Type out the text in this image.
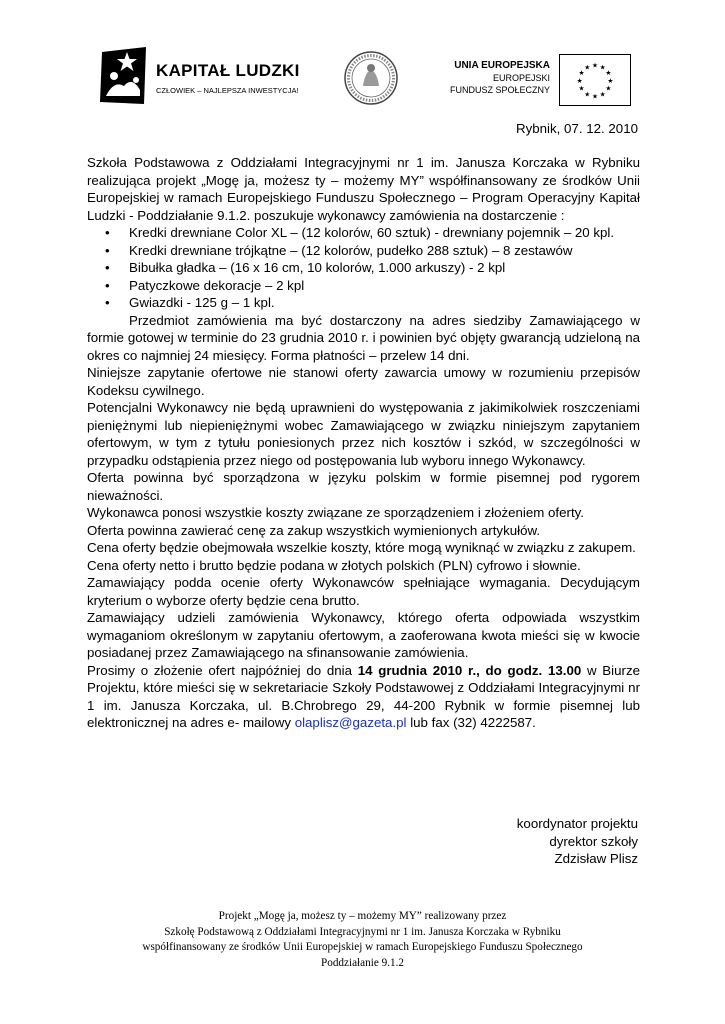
KAPITAŁ LUDZKI
CZŁOWIEK – NAJLEPSZA INWESTYCJA!
UNIA EUROPEJSKA
EUROPEJSKI
FUNDUSZ SPOŁECZNY
★ ★
★
★
★
★
★
★
★
★
★
★
Rybnik, 07. 12. 2010

Szkoła Podstawowa z Oddziałami Integracyjnymi nr 1 im. Janusza Korczaka w Rybniku realizująca projekt „Mogę ja, możesz ty – możemy MY” współfinansowany ze środków Unii Europejskiej w ramach Europejskiego Funduszu Społecznego – Program Operacyjny Kapitał Ludzki - Poddziałanie 9.1.2. poszukuje wykonawcy zamówienia na dostarczenie :

• Kredki drewniane Color XL – (12 kolorów, 60 sztuk) - drewniany pojemnik – 20 kpl.
• Kredki drewniane trójkątne – (12 kolorów, pudełko 288 sztuk) – 8 zestawów
• Bibułka gładka – (16 x 16 cm, 10 kolorów, 1.000 arkuszy) - 2 kpl
• Patyczkowe dekoracje – 2 kpl
• Gwiazdki - 125 g – 1 kpl.

Przedmiot zamówienia ma być dostarczony na adres siedziby Zamawiającego w formie gotowej w terminie do 23 grudnia 2010 r. i powinien być objęty gwarancją udzieloną na okres co najmniej 24 miesięcy. Forma płatności – przelew 14 dni.

Niniejsze zapytanie ofertowe nie stanowi oferty zawarcia umowy w rozumieniu przepisów Kodeksu cywilnego.

Potencjalni Wykonawcy nie będą uprawnieni do występowania z jakimikolwiek roszczeniami pieniężnymi lub niepieniężnymi wobec Zamawiającego w związku niniejszym zapytaniem ofertowym, w tym z tytułu poniesionych przez nich kosztów i szkód, w szczególności w przypadku odstąpienia przez niego od postępowania lub wyboru innego Wykonawcy.

Oferta powinna być sporządzona w języku polskim w formie pisemnej pod rygorem nieważności.

Wykonawca ponosi wszystkie koszty związane ze sporządzeniem i złożeniem oferty.

Oferta powinna zawierać cenę za zakup wszystkich wymienionych artykułów.

Cena oferty będzie obejmowała wszelkie koszty, które mogą wyniknąć w związku z zakupem.

Cena oferty netto i brutto będzie podana w złotych polskich (PLN) cyfrowo i słownie.

Zamawiający podda ocenie oferty Wykonawców spełniające wymagania. Decydującym kryterium o wyborze oferty będzie cena brutto.

Zamawiający udzieli zamówienia Wykonawcy, którego oferta odpowiada wszystkim wymaganiom określonym w zapytaniu ofertowym, a zaoferowana kwota mieści się w kwocie posiadanej przez Zamawiającego na sfinansowanie zamówienia.

Prosimy o złożenie ofert najpóźniej do dnia 14 grudnia 2010 r., do godz. 13.00 w Biurze Projektu, które mieści się w sekretariacie Szkoły Podstawowej z Oddziałami Integracyjnymi nr 1 im. Janusza Korczaka, ul. B.Chrobrego 29, 44-200 Rybnik w formie pisemnej lub elektronicznej na adres e- mailowy olaplisz@gazeta.pl lub fax (32) 4222587.

koordynator projektu
dyrektor szkoły
Zdzisław Plisz
Projekt „Mogę ja, możesz ty – możemy MY” realizowany przez
Szkołę Podstawową z Oddziałami Integracyjnymi nr 1 im. Janusza Korczaka w Rybniku
współfinansowany ze środków Unii Europejskiej w ramach Europejskiego Funduszu Społecznego
Poddziałanie 9.1.2
